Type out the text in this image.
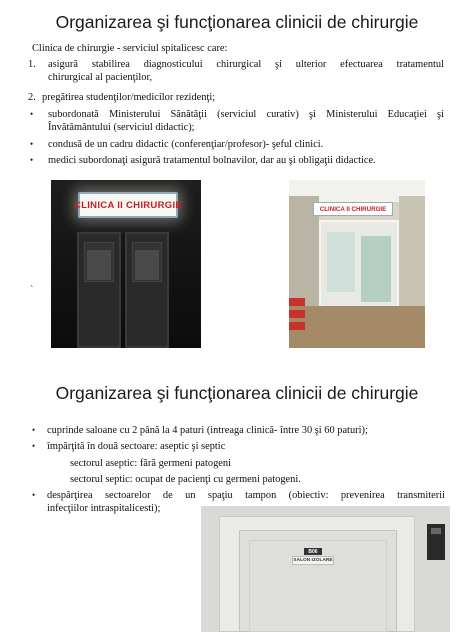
Organizarea şi funcţionarea clinicii de chirurgie
Clinica de chirurgie - serviciul spitalicesc care:
1. asigură stabilirea diagnosticului chirurgical şi ulterior efectuarea tratamentul
chirurgical al pacienţilor,
2. pregătirea studenţilor/medicilor rezidenţi;
• subordonată Ministerului Sănătăţii (serviciul curativ) şi Ministerului Educaţiei şi
Învătământului (serviciul didactic);
• condusă de un cadru didactic (conferenţiar/profesor)- şeful clinici.
• medici subordonaţi asigură tratamentul bolnavilor, dar au şi obligaţii didactice.
`
CLINICA II CHIRURGIE	CLINICA II CHIRURGIE
Organizarea şi funcţionarea clinicii de chirurgie
• cuprinde saloane cu 2 până la 4 paturi (intreaga clinică- între 30 şi 60 paturi);
• împărţită în două sectoare: aseptic şi septic
sectorul aseptic: fără germeni patogeni
sectorul septic: ocupat de pacienţi cu germeni patogeni.
• despărţirea sectoarelor de un spaţiu tampon (obiectiv: prevenirea transmiterii
infecţiilor intraspitalicesti);
B06
SALON IZOLARE
